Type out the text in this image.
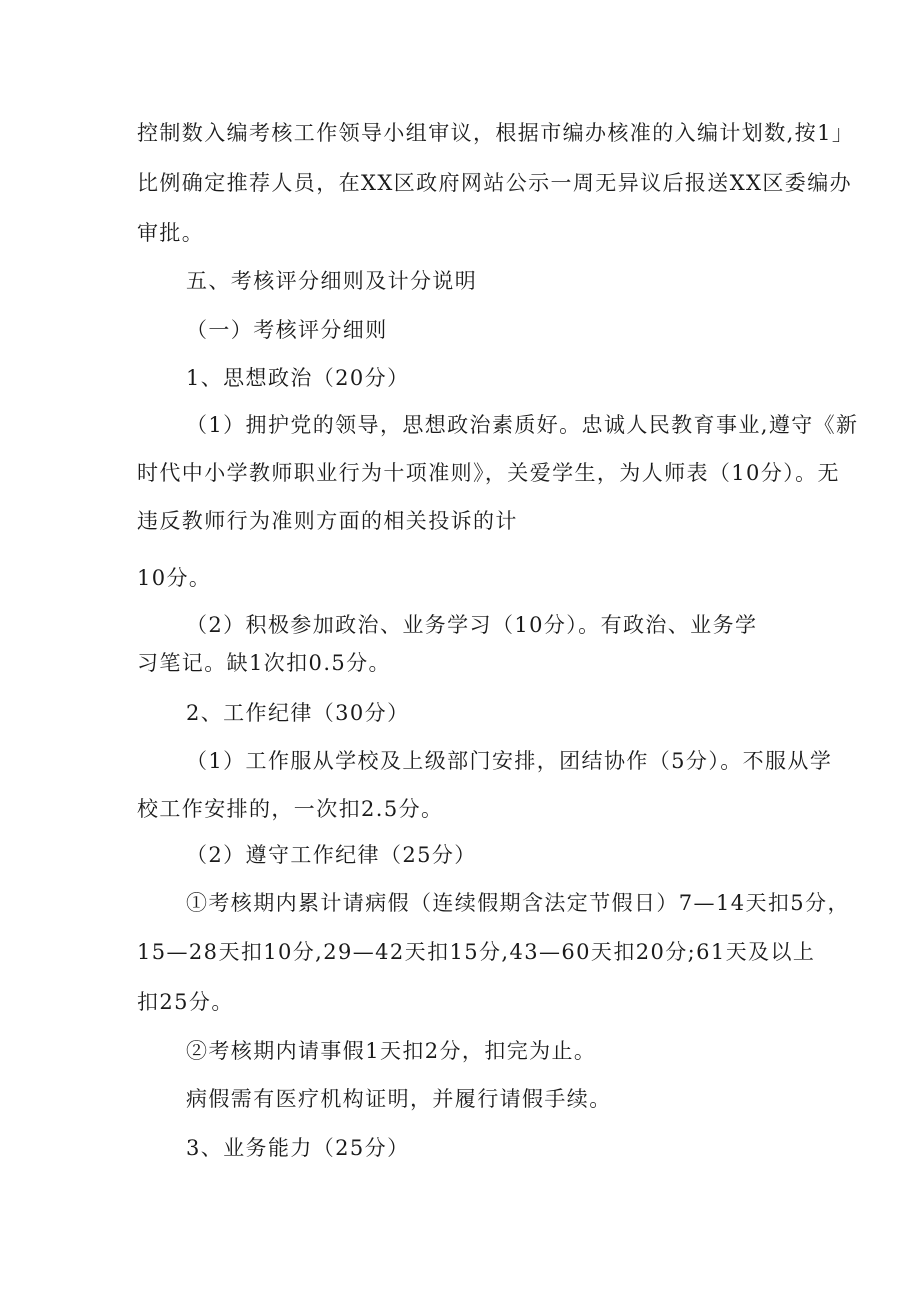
控制数入编考核工作领导小组审议，根据市编办核准的入编计划数,按1」

比例确定推荐人员，在XX区政府网站公示一周无异议后报送XX区委编办

审批。

五、考核评分细则及计分说明

（一）考核评分细则

1、思想政治（20分）

（1）拥护党的领导，思想政治素质好。忠诚人民教育事业,遵守《新

时代中小学教师职业行为十项准则》，关爱学生，为人师表（10分）。无

违反教师行为准则方面的相关投诉的计

10分。

（2）积极参加政治、业务学习（10分）。有政治、业务学

习笔记。缺1次扣0.5分。

2、工作纪律（30分）

（1）工作服从学校及上级部门安排，团结协作（5分）。不服从学

校工作安排的，一次扣2.5分。

（2）遵守工作纪律（25分）

①考核期内累计请病假（连续假期含法定节假日）7—14天扣5分，

15—28天扣10分,29—42天扣15分,43—60天扣20分;61天及以上

扣25分。

②考核期内请事假1天扣2分，扣完为止。

病假需有医疗机构证明，并履行请假手续。

3、业务能力（25分）
